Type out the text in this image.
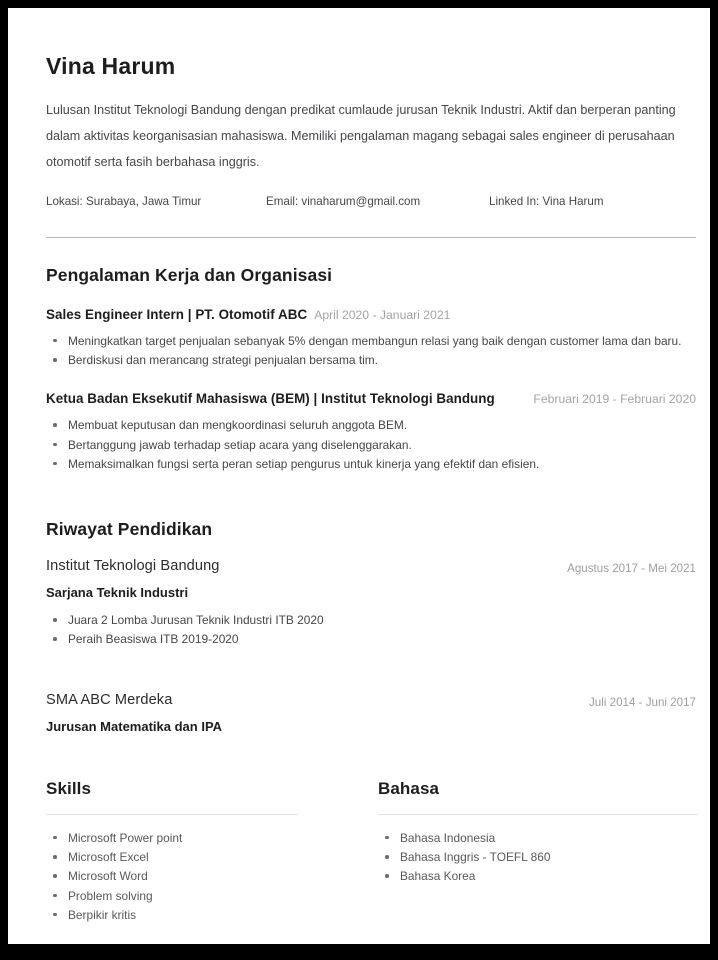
Vina Harum

Lulusan Institut Teknologi Bandung dengan predikat cumlaude jurusan Teknik Industri. Aktif dan berperan panting dalam aktivitas keorganisasian mahasiswa. Memiliki pengalaman magang sebagai sales engineer di perusahaan otomotif serta fasih berbahasa inggris.

Lokasi: Surabaya, Jawa Timur	Email: vinaharum@gmail.com	Linked In: Vina Harum
Pengalaman Kerja dan Organisasi
Sales Engineer Intern | PT. Otomotif ABC April 2020 - Januari 2021
Meningkatkan target penjualan sebanyak 5% dengan membangun relasi yang baik dengan customer lama dan baru.
Berdiskusi dan merancang strategi penjualan bersama tim.
Ketua Badan Eksekutif Mahasiswa (BEM) | Institut Teknologi Bandung	Februari 2019 - Februari 2020
Membuat keputusan dan mengkoordinasi seluruh anggota BEM.
Bertanggung jawab terhadap setiap acara yang diselenggarakan.
Memaksimalkan fungsi serta peran setiap pengurus untuk kinerja yang efektif dan efisien.
Riwayat Pendidikan
Institut Teknologi Bandung	Agustus 2017 - Mei 2021
Sarjana Teknik Industri
Juara 2 Lomba Jurusan Teknik Industri ITB 2020
Peraih Beasiswa ITB 2019-2020
SMA ABC Merdeka	Juli 2014 - Juni 2017
Jurusan Matematika dan IPA
Skills
Microsoft Power point
Microsoft Excel
Microsoft Word
Problem solving
Berpikir kritis
Bahasa
Bahasa Indonesia
Bahasa Inggris - TOEFL 860
Bahasa Korea
